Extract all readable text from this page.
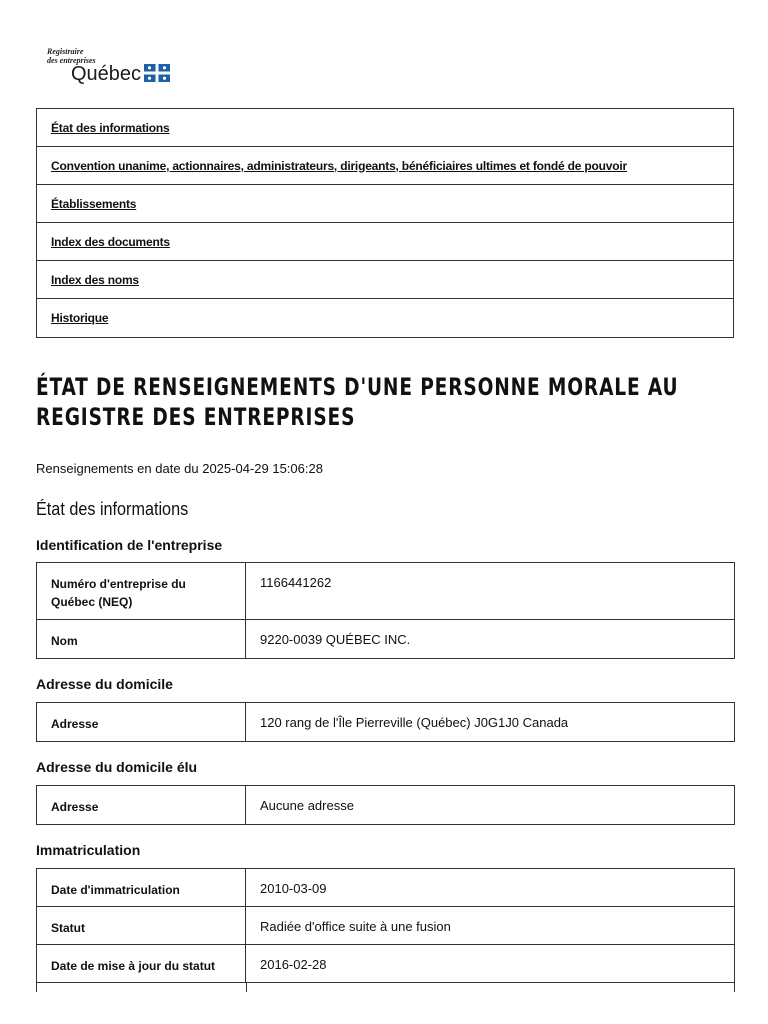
Registraire
des entreprises
Québec
État des informations
Convention unanime, actionnaires, administrateurs, dirigeants, bénéficiaires ultimes et fondé de pouvoir
Établissements
Index des documents
Index des noms
Historique
ÉTAT DE RENSEIGNEMENTS D'UNE PERSONNE MORALE AU REGISTRE DES ENTREPRISES
Renseignements en date du 2025-04-29 15:06:28
État des informations
Identification de l'entreprise
Numéro d'entreprise du Québec (NEQ)	1166441262
Nom	9220-0039 QUÉBEC INC.
Adresse du domicile
Adresse	120 rang de l'Île Pierreville (Québec) J0G1J0 Canada
Adresse du domicile élu
Adresse	Aucune adresse
Immatriculation
Date d'immatriculation	2010-03-09
Statut	Radiée d'office suite à une fusion
Date de mise à jour du statut	2016-02-28
